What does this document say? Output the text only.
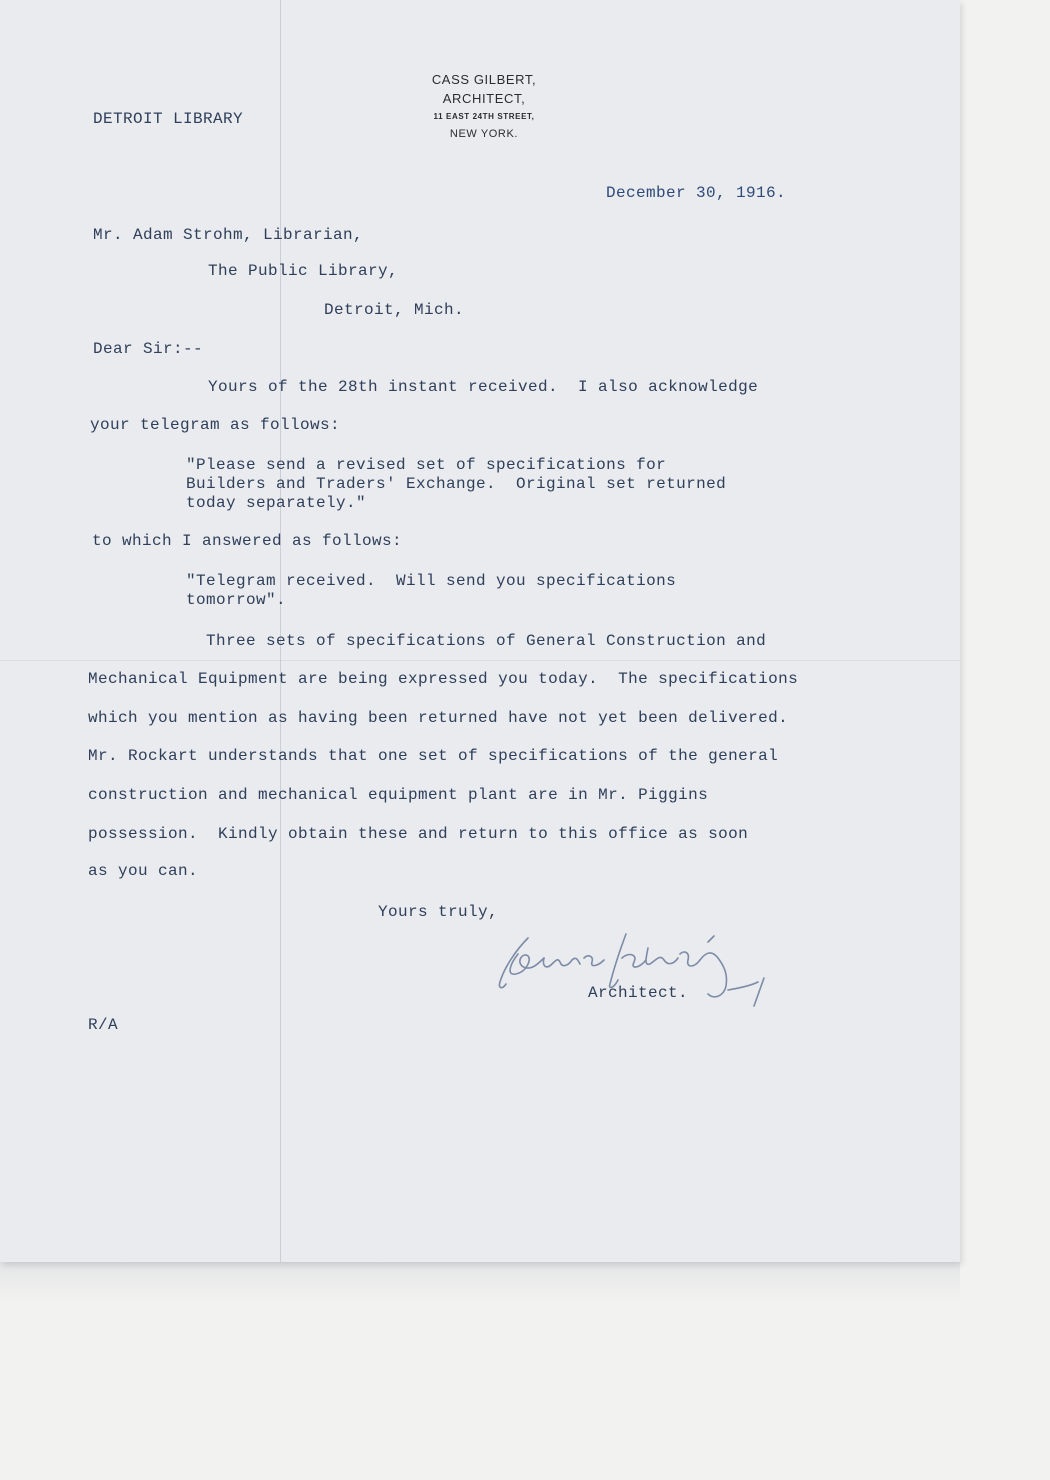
CASS GILBERT,
ARCHITECT,
11 EAST 24TH STREET,
NEW YORK.

DETROIT LIBRARY

December 30, 1916.

Mr. Adam Strohm, Librarian,

The Public Library,

Detroit, Mich.

Dear Sir:--

Yours of the 28th instant received.  I also acknowledge

your telegram as follows:

"Please send a revised set of specifications for
Builders and Traders' Exchange.  Original set returned
today separately."

to which I answered as follows:

"Telegram received.  Will send you specifications
tomorrow".

Three sets of specifications of General Construction and

Mechanical Equipment are being expressed you today.  The specifications

which you mention as having been returned have not yet been delivered.

Mr. Rockart understands that one set of specifications of the general

construction and mechanical equipment plant are in Mr. Piggins

possession.  Kindly obtain these and return to this office as soon

as you can.

Yours truly,

Architect.

R/A
